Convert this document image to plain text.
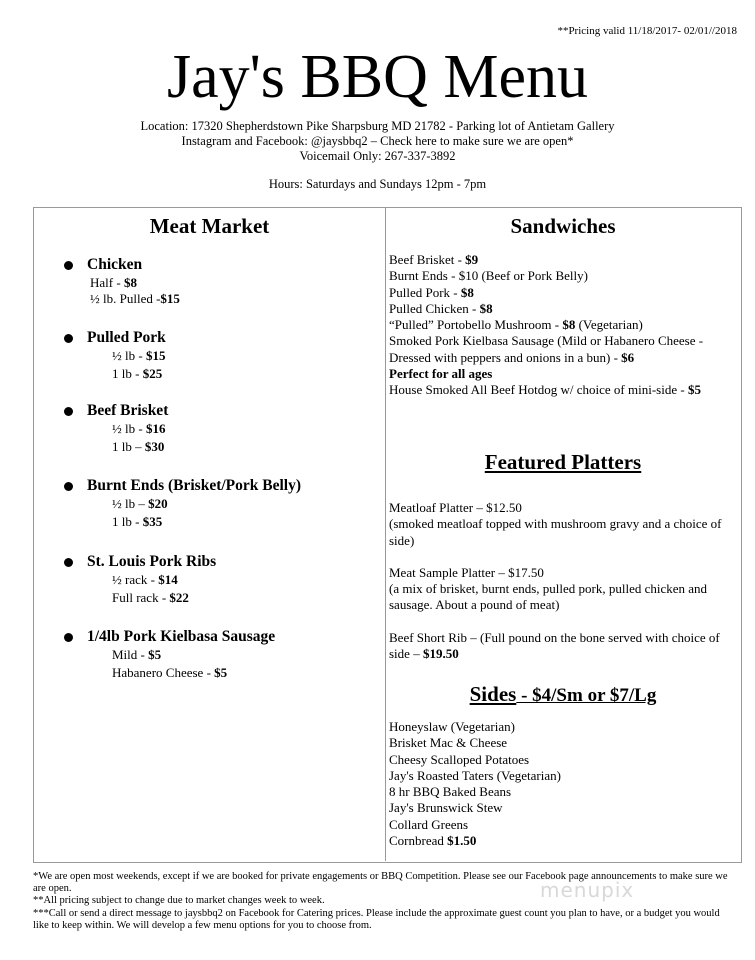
**Pricing valid 11/18/2017- 02/01//2018
Jay's BBQ Menu
Location: 17320 Shepherdstown Pike Sharpsburg MD 21782 - Parking lot of Antietam Gallery
Instagram and Facebook: @jaysbbq2 – Check here to make sure we are open*
Voicemail Only: 267-337-3892
Hours: Saturdays and Sundays 12pm - 7pm
Meat Market
Chicken
Half - $8
½ lb. Pulled -$15
Pulled Pork
½ lb - $15
1 lb - $25
Beef Brisket
½ lb - $16
1 lb – $30
Burnt Ends (Brisket/Pork Belly)
½ lb – $20
1 lb - $35
St. Louis Pork Ribs
½ rack - $14
Full rack - $22
1/4lb Pork Kielbasa Sausage
Mild - $5
Habanero Cheese - $5
Sandwiches
Beef Brisket - $9
Burnt Ends - $10 (Beef or Pork Belly)
Pulled Pork - $8
Pulled Chicken - $8
“Pulled” Portobello Mushroom - $8 (Vegetarian)
Smoked Pork Kielbasa Sausage (Mild or Habanero Cheese - Dressed with peppers and onions in a bun) - $6
Perfect for all ages
House Smoked All Beef Hotdog w/ choice of mini-side - $5
Featured Platters
Meatloaf Platter – $12.50
(smoked meatloaf topped with mushroom gravy and a choice of side)
Meat Sample Platter – $17.50
(a mix of brisket, burnt ends, pulled pork, pulled chicken and sausage. About a pound of meat)
Beef Short Rib – (Full pound on the bone served with choice of side – $19.50
Sides - $4/Sm or $7/Lg
Honeyslaw (Vegetarian)
Brisket Mac & Cheese
Cheesy Scalloped Potatoes
Jay's Roasted Taters (Vegetarian)
8 hr BBQ Baked Beans
Jay's Brunswick Stew
Collard Greens
Cornbread $1.50
*We are open most weekends, except if we are booked for private engagements or BBQ Competition. Please see our Facebook page announcements to make sure we are open.
**All pricing subject to change due to market changes week to week.
***Call or send a direct message to jaysbbq2 on Facebook for Catering prices. Please include the approximate guest count you plan to have, or a budget you would like to keep within. We will develop a few menu options for you to choose from.
menupix
